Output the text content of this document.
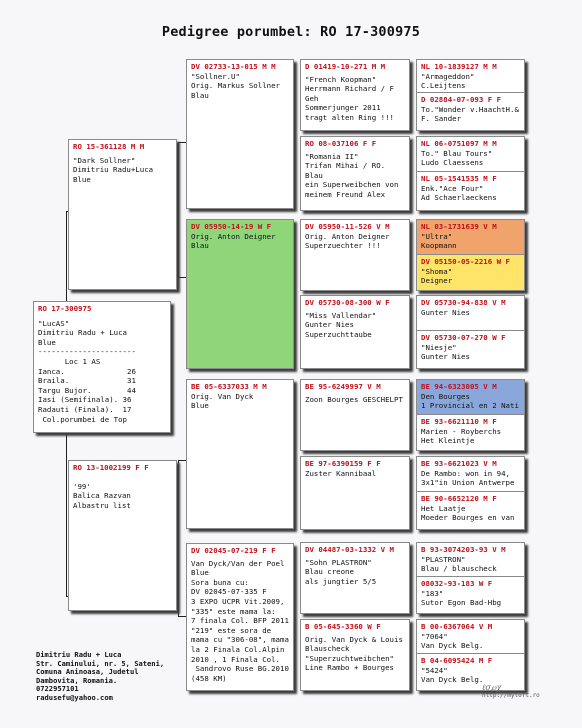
Pedigree porumbel: RO 17-300975
RO 17-300975
"LucAS"
Dimitriu Radu + Luca
Blue
----------------------
Loc 1 AS
Ianca.              26
Braila.             31
Targu Bujor.        44
Iasi (Semifinala). 36
Radauti (Finala).  17
Col.porumbei de Top
RO 15-361128 M M
"Dark Sollner"
Dimitriu Radu+Luca
Blue
RO 13-1002199 F F
'99'
Balica Razvan
Albastru list
DV 02733-13-015 M M
"Sollner.U"
Orig. Markus Sollner
Blau
DV 05950-14-19 W F
Orig. Anton Deigner
Blau
BE 05-6337033 M M
Orig. Van Dyck
Blue
DV 02045-07-219 F F
Van Dyck/Van der Poel
Blue
Sora buna cu:
DV 02045-07-335 F
3 EXPO UCPR Vit.2009,
"335" este mama la:
7 finala Col. BFP 2011
"219" este sora de
mama cu "306-08", mama
la 2 Finala Col.Alpin
2010 , 1 Finala Col.
Sandrovo Ruse BG.2010
(458 KM)
D 01419-10-271 M M
"French Koopman"
Herrmann Richard / F
Geh
Sommerjunger 2011
tragt alten Ring !!!
RO 08-037106 F F
"Romania II"
Trifan Mihai / RO.
Blau
ein Superweibchen von
meinem Freund Alex
DV 05950-11-526 V M
Orig. Anton Deigner
Superzuechter !!!
DV 05730-08-300 W F
"Miss Vallendar"
Gunter Nies
Superzuchttaube
BE 95-6249997 V M
Zoon Bourges GESCHELPT
BE 97-6390159 F F
Zuster Kannibaal
DV 04487-03-1332 V M
"Sohn PLASTRON"
Blau creone
als jungtier 5/5
B 05-645-3360 W F
Orig. Van Dyck & Louis
Blauscheck
"Superzuchtweibchen"
Line Rambo + Bourges
NL 10-1839127 M M
"Armageddon"
C.Leijtens
D 02884-07-093 F F
To."Wonder v.HaachtH.&
F. Sander
NL 06-0751097 M M
To." Blau Tours"
Ludo Claessens
NL 05-1541535 M F
Enk."Ace Four"
Ad Schaerlaeckens
NL 03-1731639 V M
"Ultra"
Koopmann
DV 05150-05-2216 W F
"Shoma"
Deigner
DV 05730-94-838 V M
Gunter Nies
DV 05730-07-270 W F
"Niesje"
Gunter Nies
BE 94-6323005 V M
Den Bourges
1 Provincial en 2 Nati
BE 93-6621110 M F
Marien - Royberchs
Het Kleintje
BE 93-6621023 V M
De Rambo: won in 94,
3x1"in Union Antwerpe
BE 90-6652120 M F
Het Laatje
Moeder Bourges en van
B 93-3074203-93 V M
"PLASTRON"
Blau / blauscheck
08032-93-183 W F
"183"
Sutor Egon Bad-Hbg
B 00-6367064 V M
"7064"
Van Dyck Belg.
B 04-6095424 M F
"5424"
Van Dyck Belg.
Dimitriu Radu + Luca
Str. Caminului, nr. 5, Sateni,
Comuna Aninoasa, Judetul
Dambovita, Romania.
0722957101
radusefu@yahoo.com
ℓσ℘χ
http://mytoft.ro
